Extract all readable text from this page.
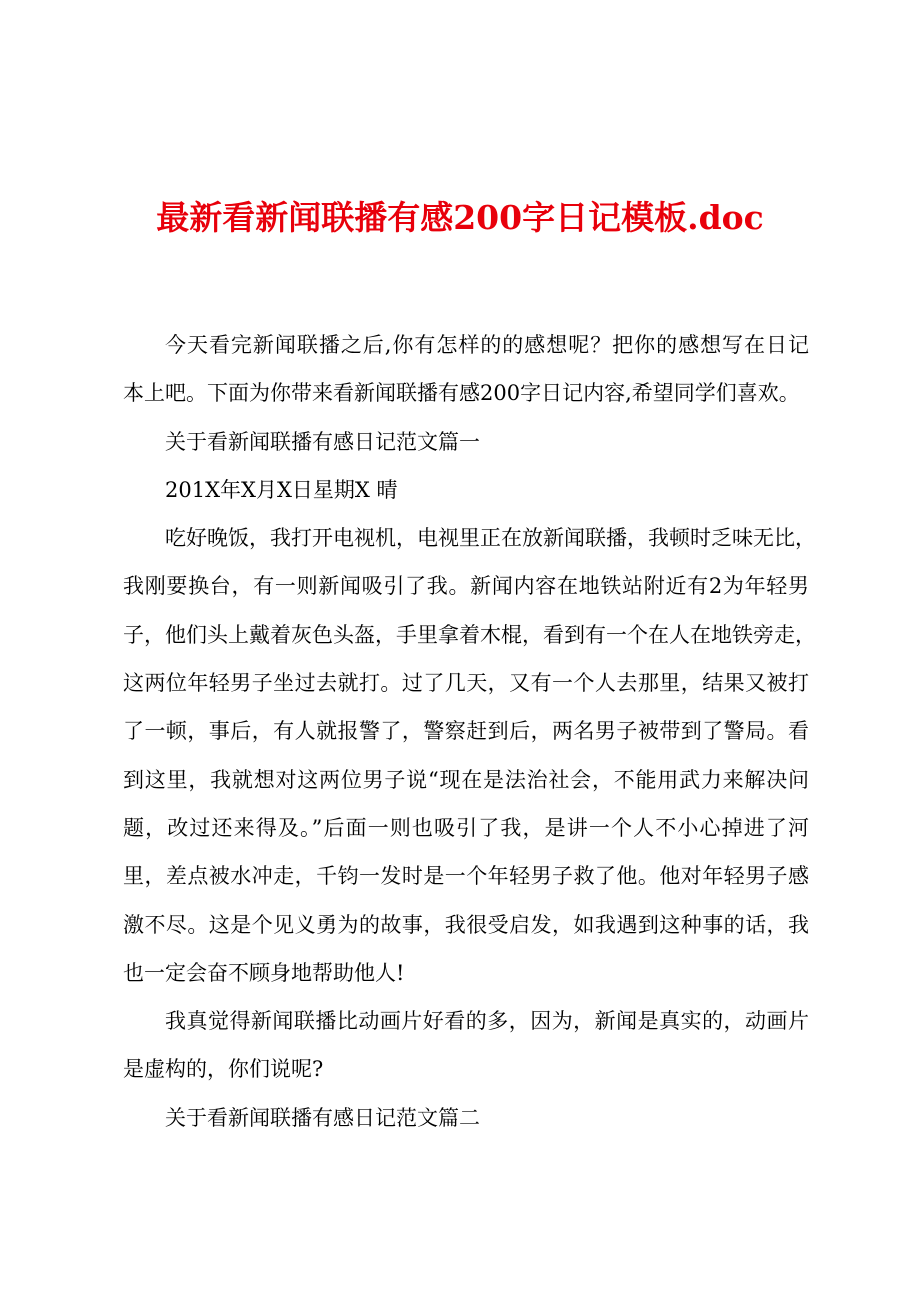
最新看新闻联播有感200字日记模板.doc
今天看完新闻联播之后,你有怎样的的感想呢？把你的感想写在日记
本上吧。下面为你带来看新闻联播有感200字日记内容,希望同学们喜欢。
关于看新闻联播有感日记范文篇一
201X年X月X日星期X 晴
吃好晚饭，我打开电视机，电视里正在放新闻联播，我顿时乏味无比，
我刚要换台，有一则新闻吸引了我。新闻内容在地铁站附近有2为年轻男
子，他们头上戴着灰色头盔，手里拿着木棍，看到有一个在人在地铁旁走，
这两位年轻男子坐过去就打。过了几天，又有一个人去那里，结果又被打
了一顿，事后，有人就报警了，警察赶到后，两名男子被带到了警局。看
到这里，我就想对这两位男子说“现在是法治社会，不能用武力来解决问
题，改过还来得及。”后面一则也吸引了我，是讲一个人不小心掉进了河
里，差点被水冲走，千钧一发时是一个年轻男子救了他。他对年轻男子感
激不尽。这是个见义勇为的故事，我很受启发，如我遇到这种事的话，我
也一定会奋不顾身地帮助他人!
我真觉得新闻联播比动画片好看的多，因为，新闻是真实的，动画片
是虚构的，你们说呢?
关于看新闻联播有感日记范文篇二
